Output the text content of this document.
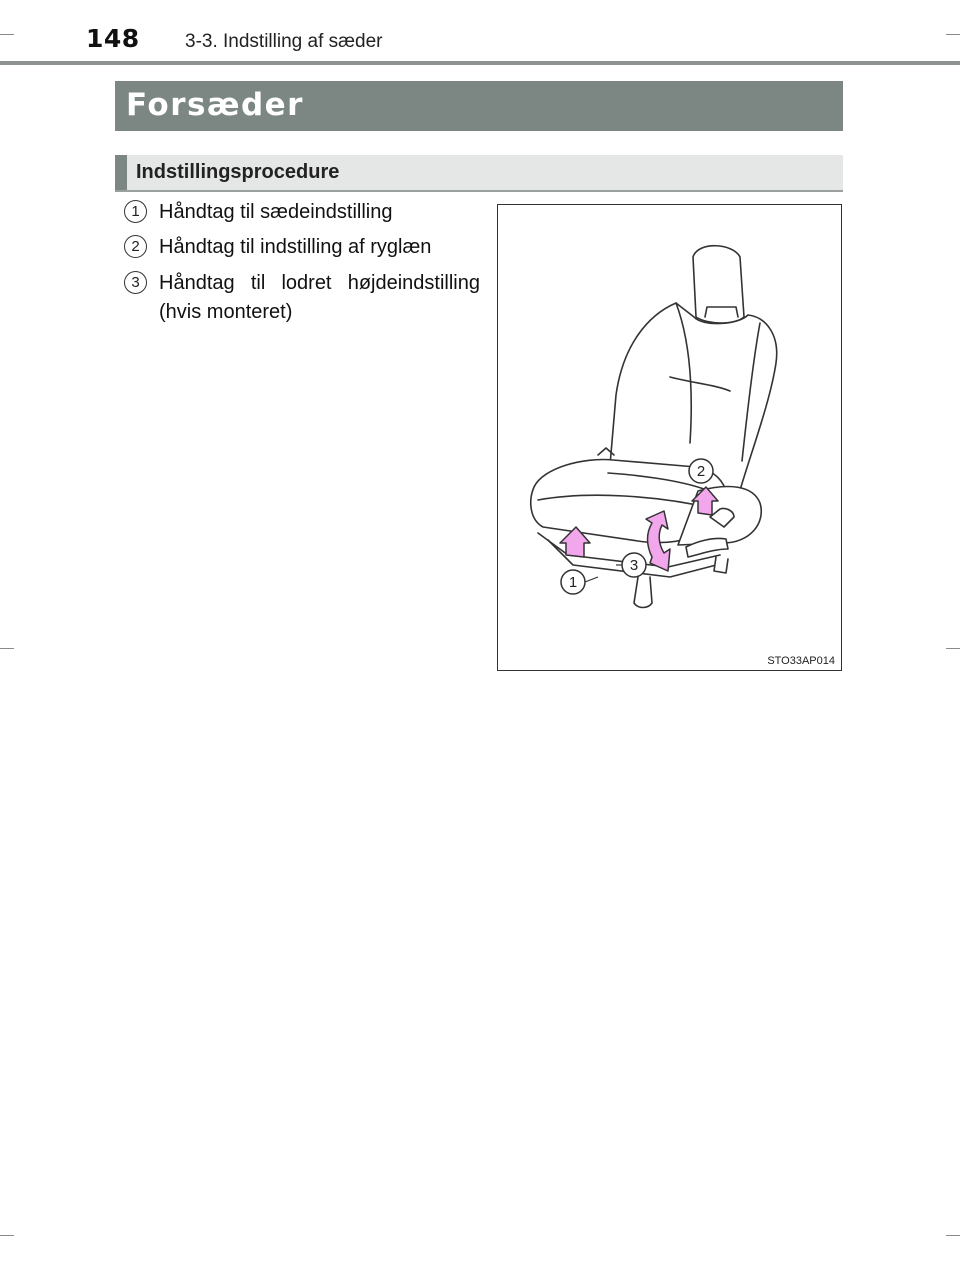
148 3-3. Indstilling af sæder
Forsæder
Indstillingsprocedure
1 Håndtag til sædeindstilling
2 Håndtag til indstilling af ryglæn
3 Håndtag til lodret højdeindstilling
(hvis monteret)
2
3
1
STO33AP014
